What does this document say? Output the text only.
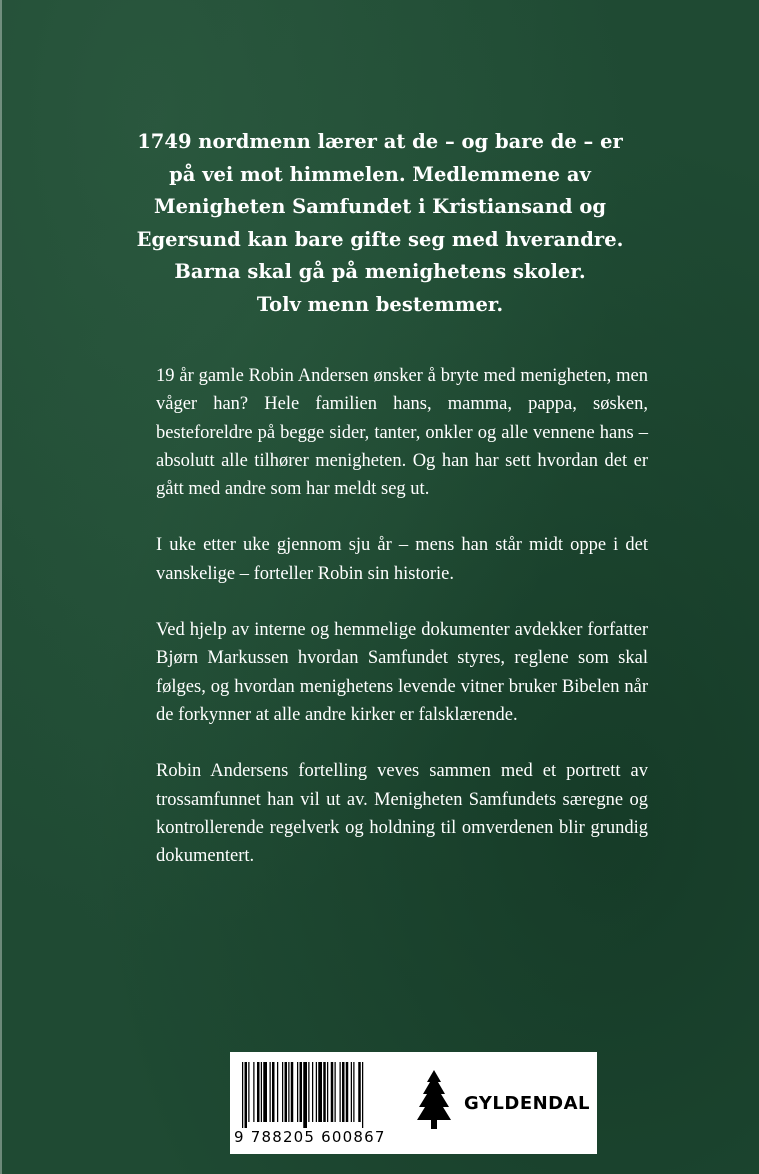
1749 nordmenn lærer at de – og bare de – er
på vei mot himmelen. Medlemmene av
Menigheten Samfundet i Kristiansand og
Egersund kan bare gifte seg med hverandre.
Barna skal gå på menighetens skoler.
Tolv menn bestemmer.

19 år gamle Robin Andersen ønsker å bryte med menigheten, men våger han? Hele familien hans, mamma, pappa, søsken, besteforeldre på begge sider, tanter, onkler og alle vennene hans – absolutt alle tilhører menigheten. Og han har sett hvordan det er gått med andre som har meldt seg ut.

I uke etter uke gjennom sju år – mens han står midt oppe i det vanskelige – forteller Robin sin historie.

Ved hjelp av interne og hemmelige dokumenter avdekker forfatter Bjørn Markussen hvordan Samfundet styres, reglene som skal følges, og hvordan menighetens levende vitner bruker Bibelen når de forkynner at alle andre kirker er falsklærende.

Robin Andersens fortelling veves sammen med et portrett av trossamfunnet han vil ut av. Menigheten Samfundets særegne og kontrollerende regelverk og holdning til omverdenen blir grundig dokumentert.

9 788205 600867
GYLDENDAL
